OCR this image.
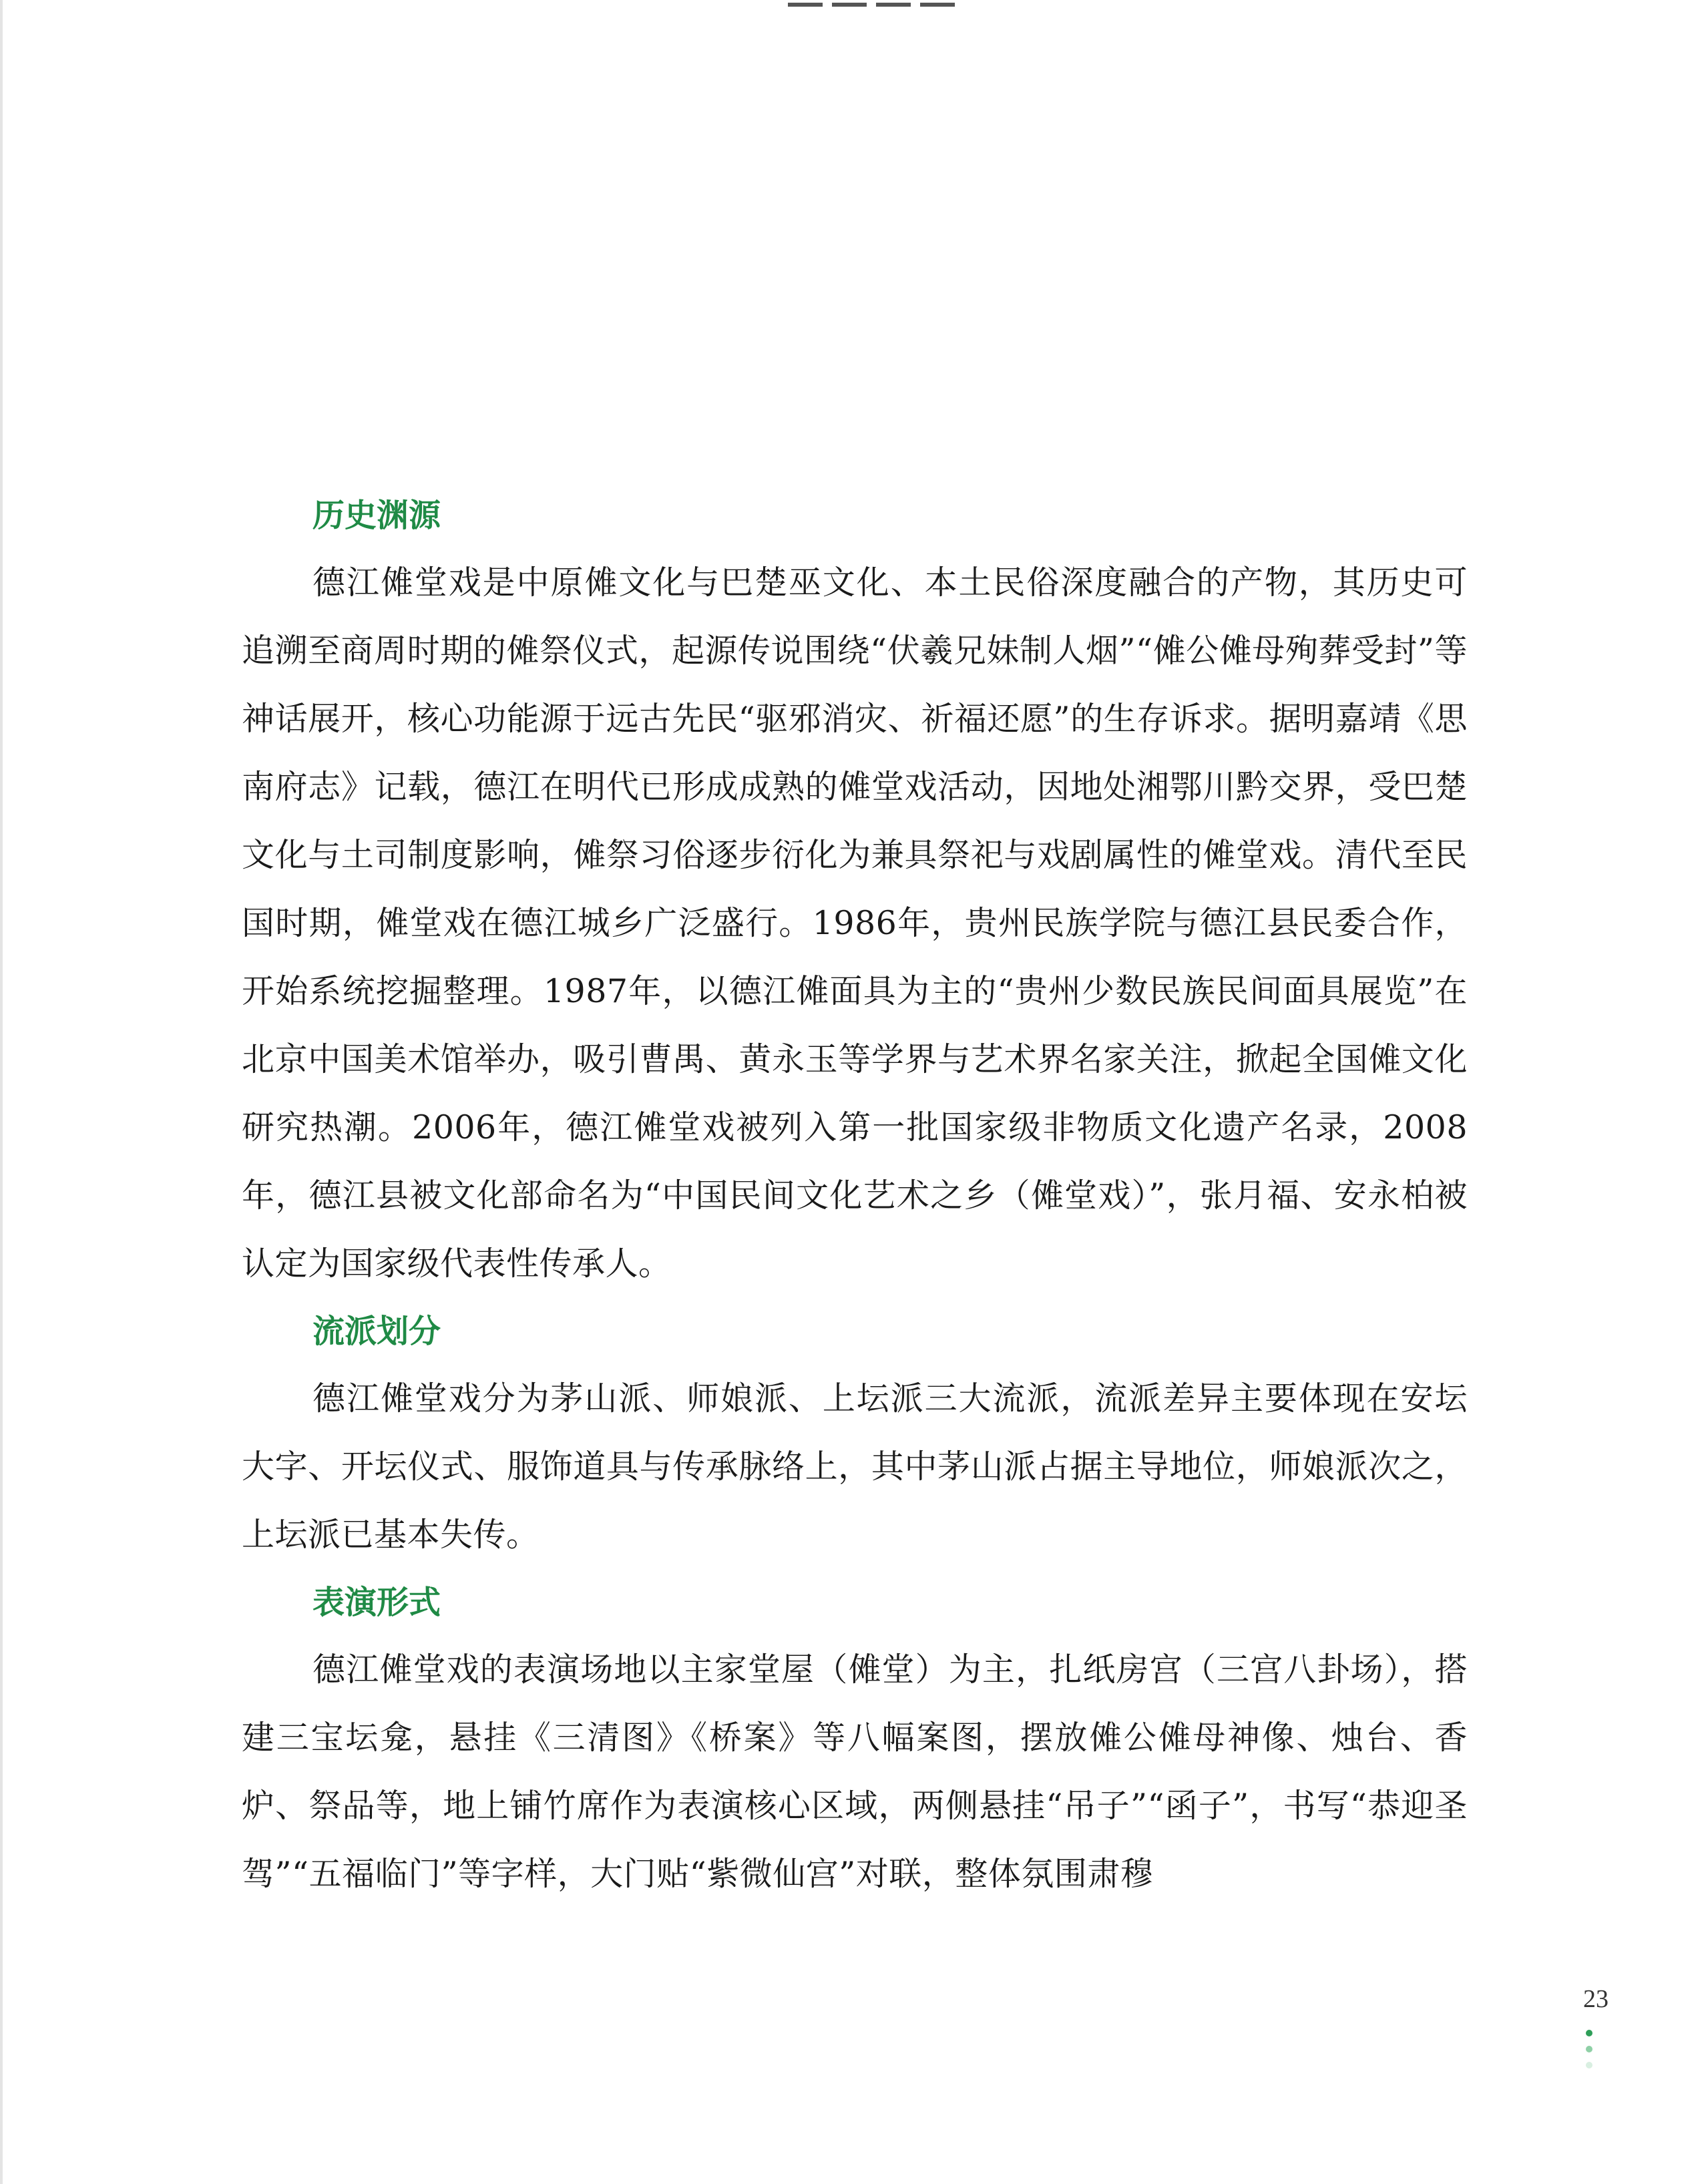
历史渊源

德江傩堂戏是中原傩文化与巴楚巫文化、本土民俗深度融合的产物，其历史可追溯至商周时期的傩祭仪式，起源传说围绕“伏羲兄妹制人烟”“傩公傩母殉葬受封”等神话展开，核心功能源于远古先民“驱邪消灾、祈福还愿”的生存诉求。据明嘉靖《思南府志》记载，德江在明代已形成成熟的傩堂戏活动，因地处湘鄂川黔交界，受巴楚文化与土司制度影响，傩祭习俗逐步衍化为兼具祭祀与戏剧属性的傩堂戏。清代至民国时期，傩堂戏在德江城乡广泛盛行。1986年，贵州民族学院与德江县民委合作，开始系统挖掘整理。1987年，以德江傩面具为主的“贵州少数民族民间面具展览”在北京中国美术馆举办，吸引曹禺、黄永玉等学界与艺术界名家关注，掀起全国傩文化研究热潮。2006年，德江傩堂戏被列入第一批国家级非物质文化遗产名录，2008年，德江县被文化部命名为“中国民间文化艺术之乡（傩堂戏）”，张月福、安永柏被认定为国家级代表性传承人。

流派划分

德江傩堂戏分为茅山派、师娘派、上坛派三大流派，流派差异主要体现在安坛大字、开坛仪式、服饰道具与传承脉络上，其中茅山派占据主导地位，师娘派次之，上坛派已基本失传。

表演形式

德江傩堂戏的表演场地以主家堂屋（傩堂）为主，扎纸房宫（三宫八卦场），搭建三宝坛龛，悬挂《三清图》《桥案》等八幅案图，摆放傩公傩母神像、烛台、香炉、祭品等，地上铺竹席作为表演核心区域，两侧悬挂“吊子”“函子”，书写“恭迎圣驾”“五福临门”等字样，大门贴“紫微仙宫”对联，整体氛围肃穆

23
